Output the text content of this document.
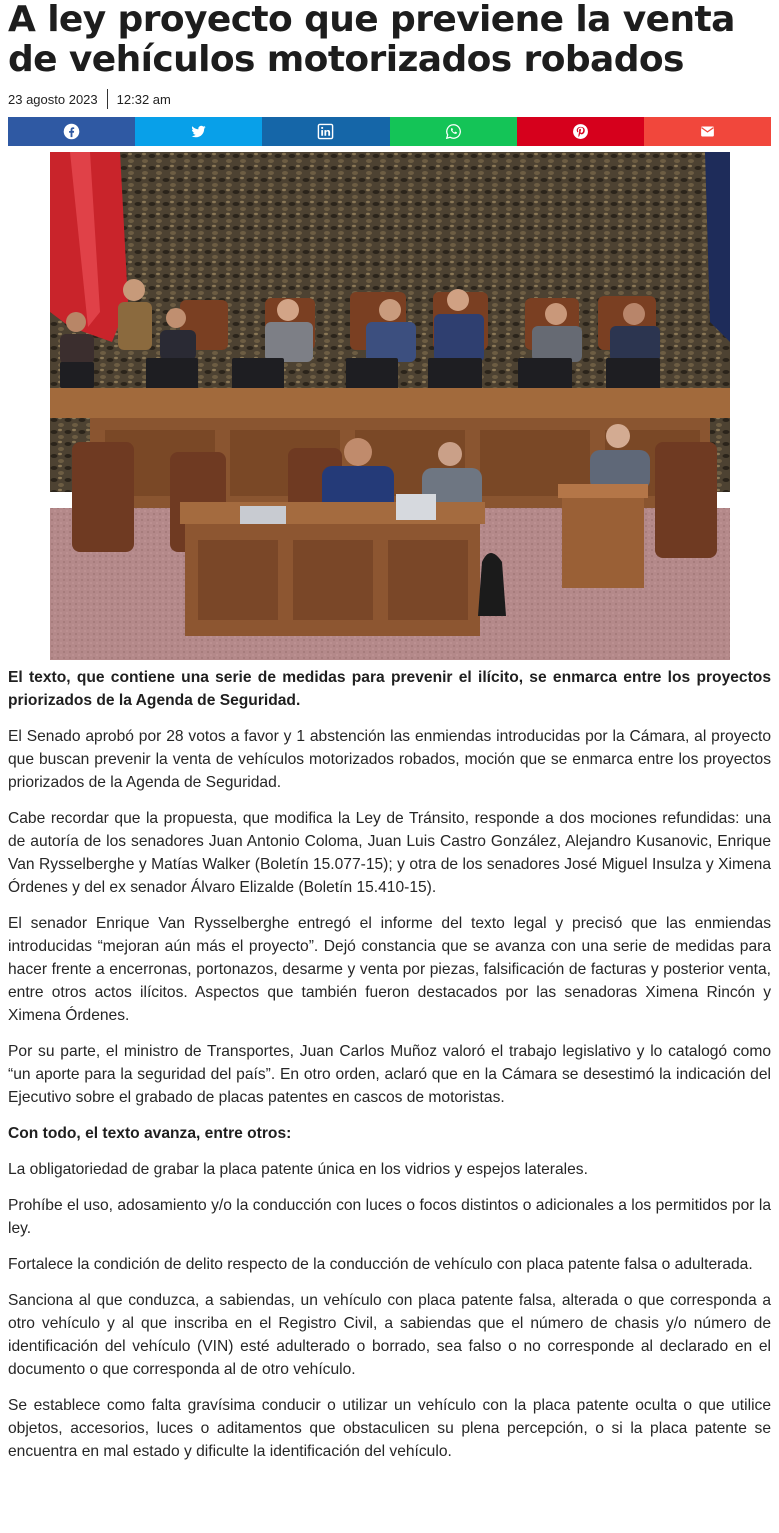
A ley proyecto que previene la venta de vehículos motorizados robados
23 agosto 2023 12:32 am

El texto, que contiene una serie de medidas para prevenir el ilícito, se enmarca entre los proyectos priorizados de la Agenda de Seguridad.

El Senado aprobó por 28 votos a favor y 1 abstención las enmiendas introducidas por la Cámara, al proyecto que buscan prevenir la venta de vehículos motorizados robados, moción que se enmarca entre los proyectos priorizados de la Agenda de Seguridad.

Cabe recordar que la propuesta, que modifica la Ley de Tránsito, responde a dos mociones refundidas: una de autoría de los senadores Juan Antonio Coloma, Juan Luis Castro González, Alejandro Kusanovic, Enrique Van Rysselberghe y Matías Walker (Boletín 15.077-15); y otra de los senadores José Miguel Insulza y Ximena Órdenes y del ex senador Álvaro Elizalde (Boletín 15.410-15).

El senador Enrique Van Rysselberghe entregó el informe del texto legal y precisó que las enmiendas introducidas “mejoran aún más el proyecto”. Dejó constancia que se avanza con una serie de medidas para hacer frente a encerronas, portonazos, desarme y venta por piezas, falsificación de facturas y posterior venta, entre otros actos ilícitos. Aspectos que también fueron destacados por las senadoras Ximena Rincón y Ximena Órdenes.

Por su parte, el ministro de Transportes, Juan Carlos Muñoz valoró el trabajo legislativo y lo catalogó como “un aporte para la seguridad del país”. En otro orden, aclaró que en la Cámara se desestimó la indicación del Ejecutivo sobre el grabado de placas patentes en cascos de motoristas.

Con todo, el texto avanza, entre otros:

La obligatoriedad de grabar la placa patente única en los vidrios y espejos laterales.

Prohíbe el uso, adosamiento y/o la conducción con luces o focos distintos o adicionales a los permitidos por la ley.

Fortalece la condición de delito respecto de la conducción de vehículo con placa patente falsa o adulterada.

Sanciona al que conduzca, a sabiendas, un vehículo con placa patente falsa, alterada o que corresponda a otro vehículo y al que inscriba en el Registro Civil, a sabiendas que el número de chasis y/o número de identificación del vehículo (VIN) esté adulterado o borrado, sea falso o no corresponde al declarado en el documento o que corresponda al de otro vehículo.

Se establece como falta gravísima conducir o utilizar un vehículo con la placa patente oculta o que utilice objetos, accesorios, luces o aditamentos que obstaculicen su plena percepción, o si la placa patente se encuentra en mal estado y dificulte la identificación del vehículo.
